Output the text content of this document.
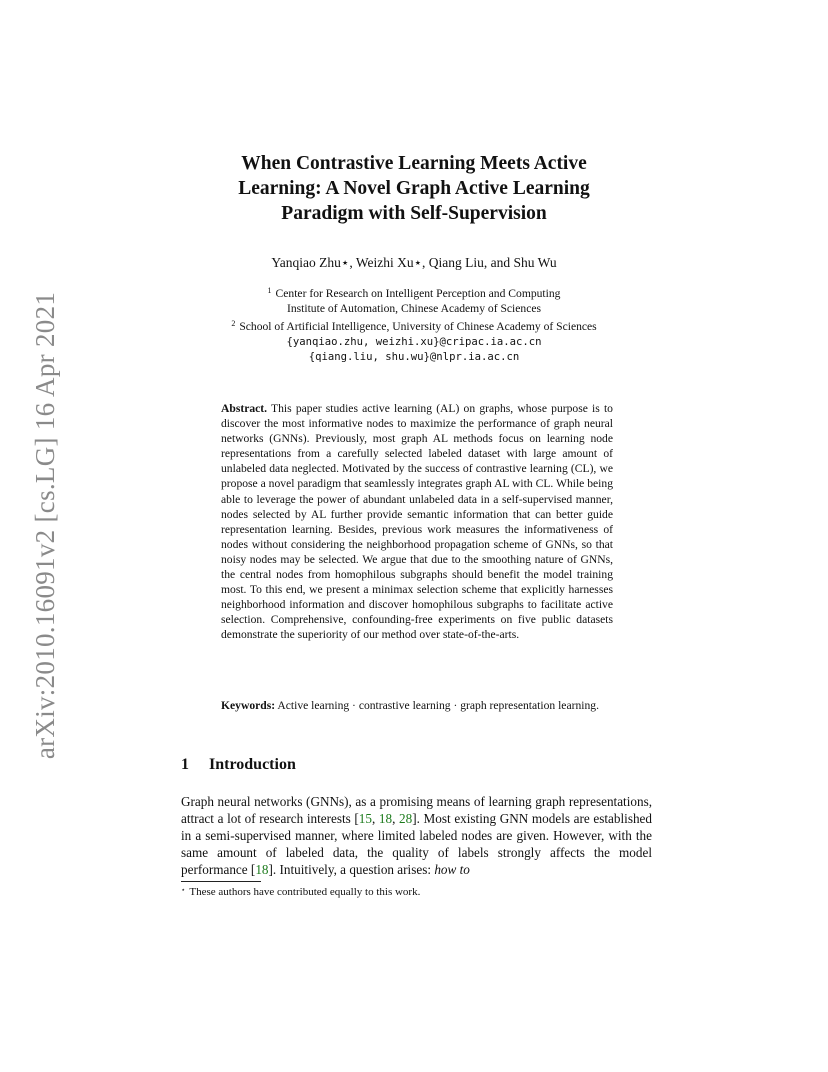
arXiv:2010.16091v2 [cs.LG] 16 Apr 2021
When Contrastive Learning Meets Active
Learning: A Novel Graph Active Learning
Paradigm with Self-Supervision
Yanqiao Zhu⋆, Weizhi Xu⋆, Qiang Liu, and Shu Wu
$^1$ Center for Research on Intelligent Perception and Computing
Institute of Automation, Chinese Academy of Sciences
$^2$ School of Artificial Intelligence, University of Chinese Academy of Sciences
{yanqiao.zhu, weizhi.xu}@cripac.ia.ac.cn
{qiang.liu, shu.wu}@nlpr.ia.ac.cn

Abstract. This paper studies active learning (AL) on graphs, whose purpose is to discover the most informative nodes to maximize the performance of graph neural networks (GNNs). Previously, most graph AL methods focus on learning node representations from a carefully selected labeled dataset with large amount of unlabeled data neglected. Motivated by the success of contrastive learning (CL), we propose a novel paradigm that seamlessly integrates graph AL with CL. While being able to leverage the power of abundant unlabeled data in a self-supervised manner, nodes selected by AL further provide semantic information that can better guide representation learning. Besides, previous work measures the informativeness of nodes without considering the neighborhood propagation scheme of GNNs, so that noisy nodes may be selected. We argue that due to the smoothing nature of GNNs, the central nodes from homophilous subgraphs should benefit the model training most. To this end, we present a minimax selection scheme that explicitly harnesses neighborhood information and discover homophilous subgraphs to facilitate active selection. Comprehensive, confounding-free experiments on five public datasets demonstrate the superiority of our method over state-of-the-arts.

Keywords: Active learning · contrastive learning · graph representation learning.

1 Introduction

Graph neural networks (GNNs), as a promising means of learning graph representations, attract a lot of research interests [15, 18, 28]. Most existing GNN models are established in a semi-supervised manner, where limited labeled nodes are given. However, with the same amount of labeled data, the quality of labels strongly affects the model performance [18]. Intuitively, a question arises: how to

⋆ These authors have contributed equally to this work.
